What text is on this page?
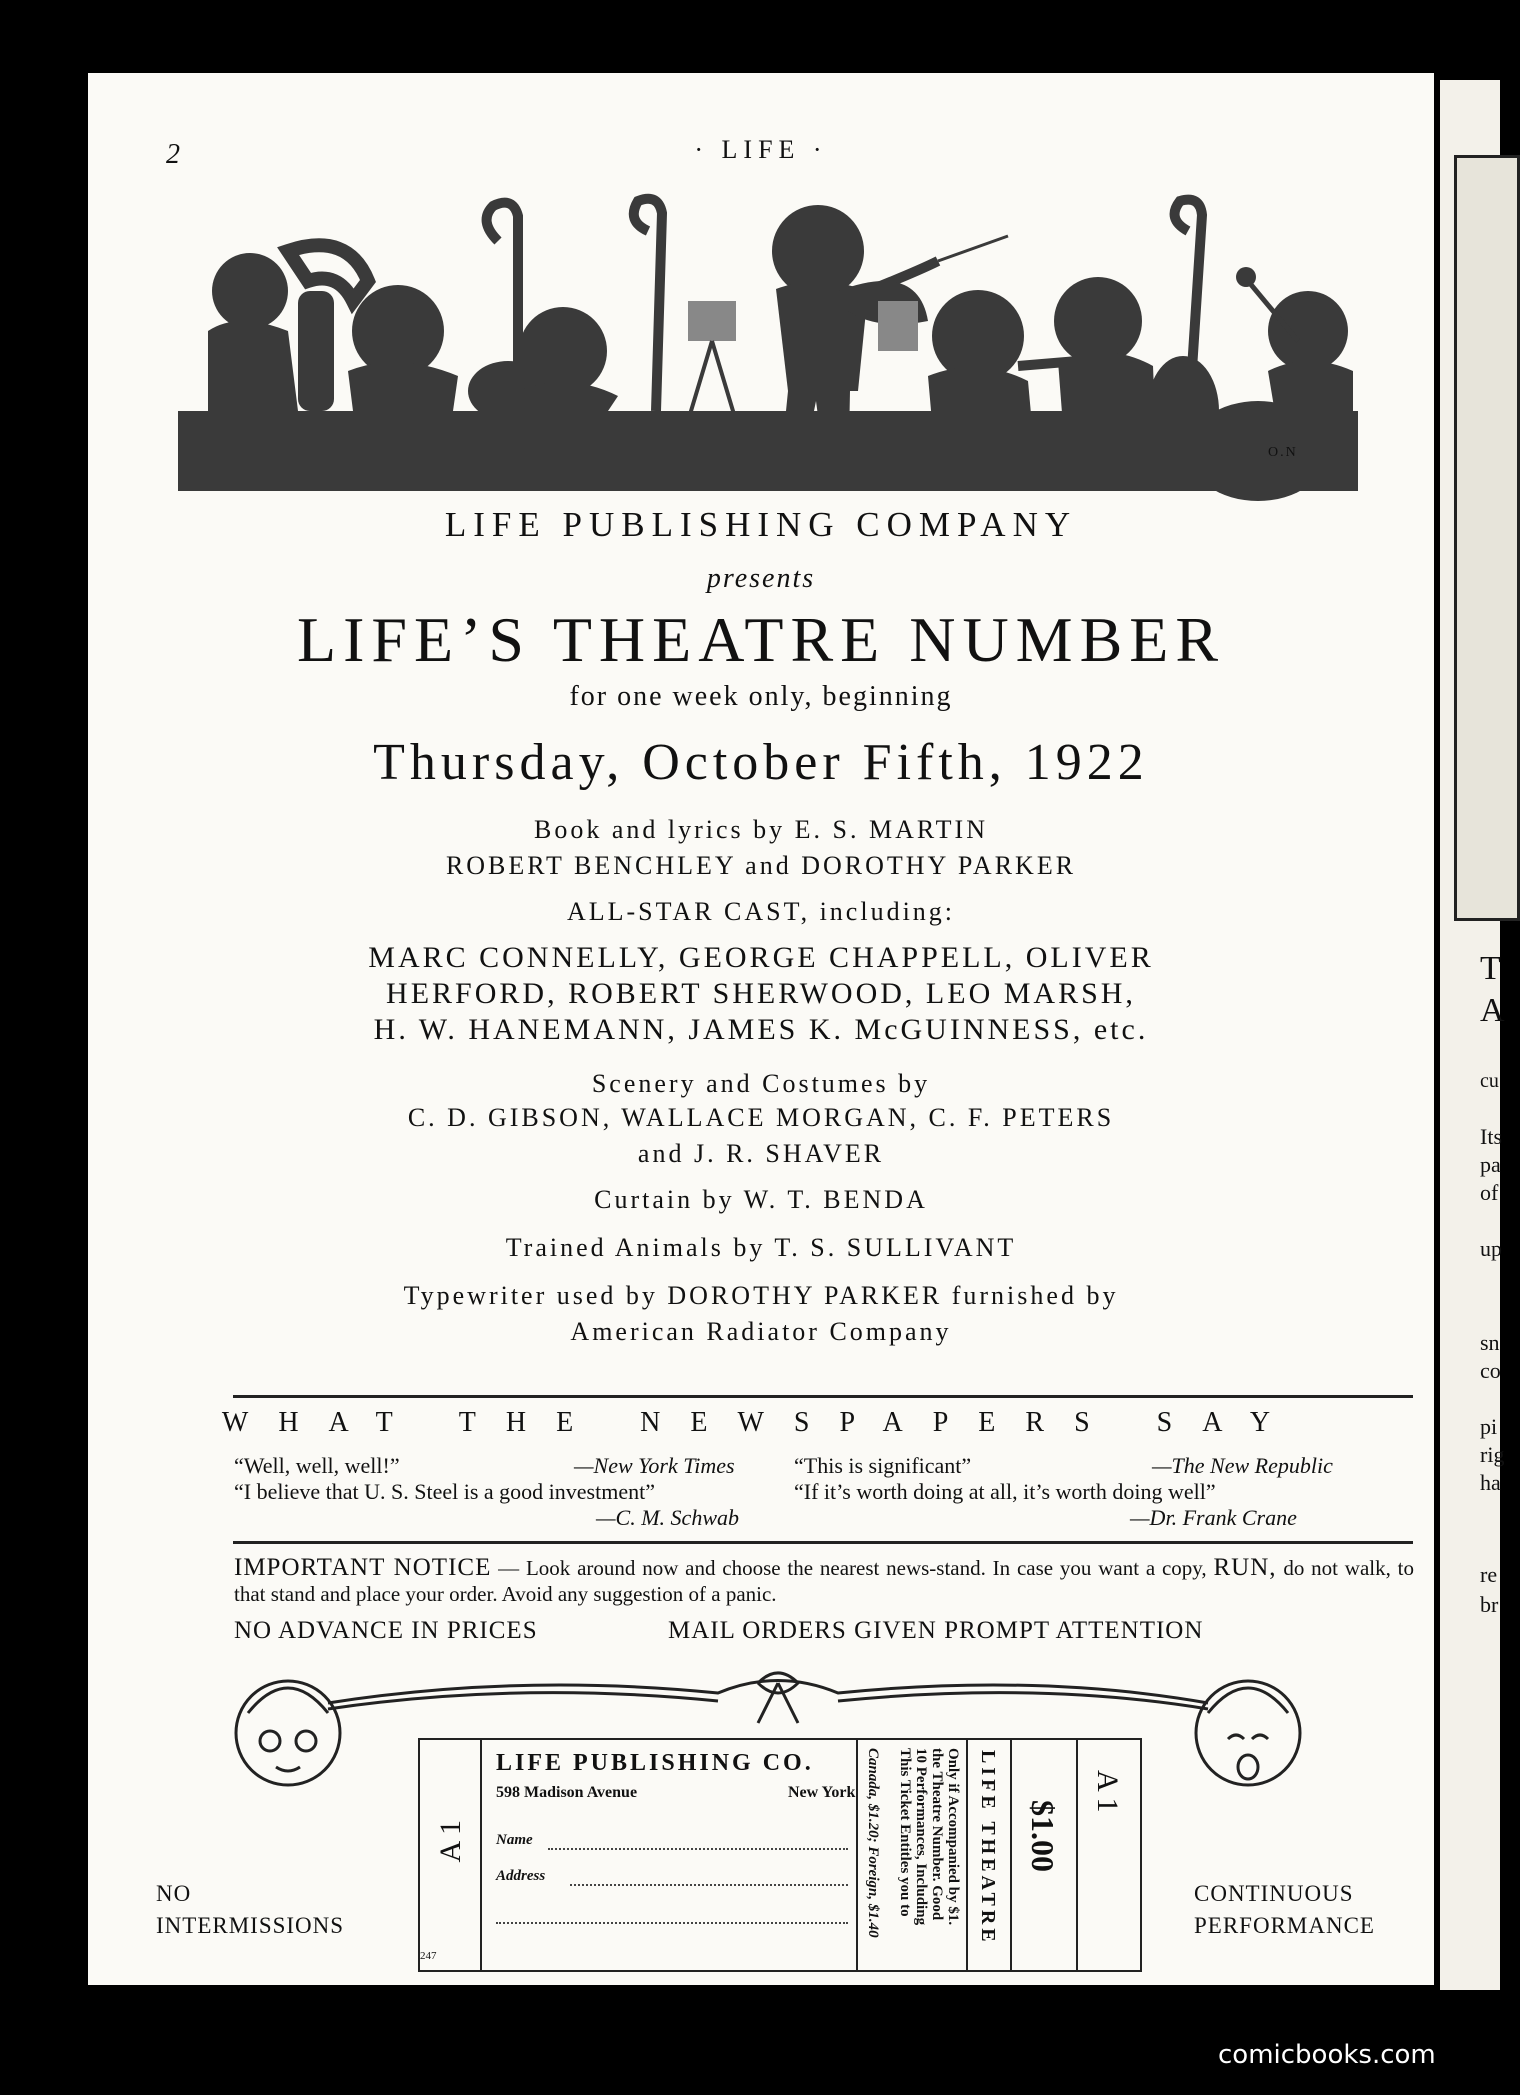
T
A
cu
Its
pa
of
up
sn
co
pi
rig
ha
re
br
2	· LIFE ·
O.N
LIFE PUBLISHING COMPANY
presents
LIFE’S THEATRE NUMBER
for one week only, beginning
Thursday, October Fifth, 1922
Book and lyrics by E. S. MARTIN
ROBERT BENCHLEY and DOROTHY PARKER
ALL-STAR CAST, including:
MARC CONNELLY, GEORGE CHAPPELL, OLIVER
HERFORD, ROBERT SHERWOOD, LEO MARSH,
H. W. HANEMANN, JAMES K. McGUINNESS, etc.
Scenery and Costumes by
C. D. GIBSON, WALLACE MORGAN, C. F. PETERS
and J. R. SHAVER
Curtain by W. T. BENDA
Trained Animals by T. S. SULLIVANT
Typewriter used by DOROTHY PARKER furnished by
American Radiator Company
WHAT THE NEWSPAPERS SAY
“Well, well, well!”	—New York Times
“I believe that U. S. Steel is a good investment”
—C. M. Schwab
“This is significant”	—The New Republic
“If it’s worth doing at all, it’s worth doing well”
—Dr. Frank Crane
IMPORTANT NOTICE — Look around now and choose the nearest news-stand. In case you want a copy, RUN, do not walk, to that stand and place your order. Avoid any suggestion of a panic.
NO ADVANCE IN PRICES	MAIL ORDERS GIVEN PROMPT ATTENTION
A 1
LIFE PUBLISHING CO.
598 Madison Avenue	New York
Name
Address
247
Canada, $1.20; Foreign, $1.40 This Ticket Entitles you to 10 Performances, Including the Theatre Number. Good Only if Accompanied by $1. LIFE THEATRE $1.00
A 1
NO
INTERMISSIONS
CONTINUOUS
PERFORMANCE
comicbooks.com
